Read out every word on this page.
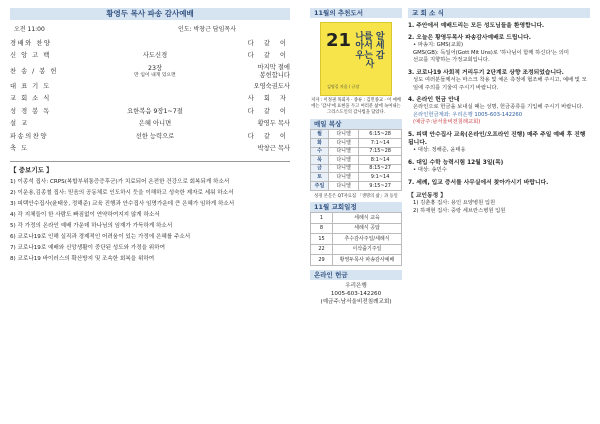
황영두 목사 파송 감사예배
오전 11:00	인도: 박창근 담임목사
경배와 찬양	다 같 이
신 앙 고 백	사도신경	다 같 이
찬 송 / 봉 헌	23장
만 입이 내게 있으면
마지막 절에
봉헌합니다
대 표 기 도	오영숙권도사
교 회 소 식	사 회 자
성 경 봉 독	요한복음 9장1~7절	다 같 이
설 교	은혜 아니면	황영두 목사
파송의찬양	선한 능력으로	다 같 이
축 도	박창근 목사
【 중보기도 】
1) 이종석 집사: CRPS(복합부위통증증후군)가 치료되어 온전한 건강으로 회복되게 하소서
2) 이운용,김종철 집사: 믿음의 공동체로 인도하시 듯을 이해하고 성숙한 제자로 세워 하소서
3) 피택안수집사(윤태웅, 정해준) 교육 진행과 안수집사 임명가운데 큰 은혜가 임하게 하소서
4) 각 지체들이 한 사람도 빠짐없이 연약하여지지 않게 하소서
5) 각 가정의 온라인 예배 가운데 하나님의 임재가 가득하게 하소서
6) 코로나19로 인해 실직과 경제적인 어려움이 있는 가정에 은혜를 주소서
7) 코로나19로 예배와 신앙생활이 중단된 성도와 가정을 위하여
8) 코로나19 바이러스의 확산방지 및 조속한 회복을 위하여
11월의 추천도서
21 나를 알아서 세우는 감사
김명길 자음 / 규장
저자 : 이정권 목회자 · 종류 : 김민종교 · 이 예배에는 '감사'에 표현을 두고 여러분 삶에 녹여내는 그리스도인의 감사법을 담았다.
매일 복상
월	다니엘	6:15~28
화	다니엘	7:1~14
수	다니엘	7:15~28
목	다니엘	8:1~14
금	다니엘	8:15~27
토	다니엘	9:1~14
주일	다니엘	9:15~27
성경 본문은 QT자료집 「생명의 삶」과 동일
11월 교회일정
1	세례식 교육
8	세례식 공탑
15	추수감사주일/세례식
22	이삭줍기주일
29	황영두목사 파송감사예배
온라인 헌금
우리은행
1005-603-142260
(예금주:남서울비전침례교회)
교 회 소 식
1. 주안에서 예배드리는 모든 성도님들을 환영합니다.
2. 오늘은 황영두목사 파송감사예배로 드립니다.
• 파송지: GMS(교회)
GMS(GB): 독일어(Gott Mit Uns)로 '하나님이 함께 하신다'는 의미
선교를 지향하는 가정교회입니다.
3. 코로나19 사회적 거리두기 2단계로 상향 조정되었습니다.
성도 여러분들께서는 마스크 착용 및 체온 측정에 협조해 주시고, 예배 및 모임에 주의를 기울여 주시기 바랍니다.
4. 온라인 헌금 안내
온라인으로 헌금을 보내실 때는 성명, 헌금종류를 기입해 주시기 바랍니다.
온라인헌금계좌: 우리은행 1005-603-142260
(예금주:남서울비전침례교회)
5. 피택 안수집사 교육(온라인/오프라인 진행) 매주 주일 예배 후 진행됩니다.
• 대상: 정해준, 윤태웅
6. 대입 수학 능력시험 12월 3일(목)
• 대상: 송민수
7. 세례, 입교 증서를 사무실에서 찾아가시기 바랍니다.
【 교인동정 】
1) 김춘홍 집사: 용인 요양병원 입원
2) 하재현 집사: 중랑 세브란스병원 입원
